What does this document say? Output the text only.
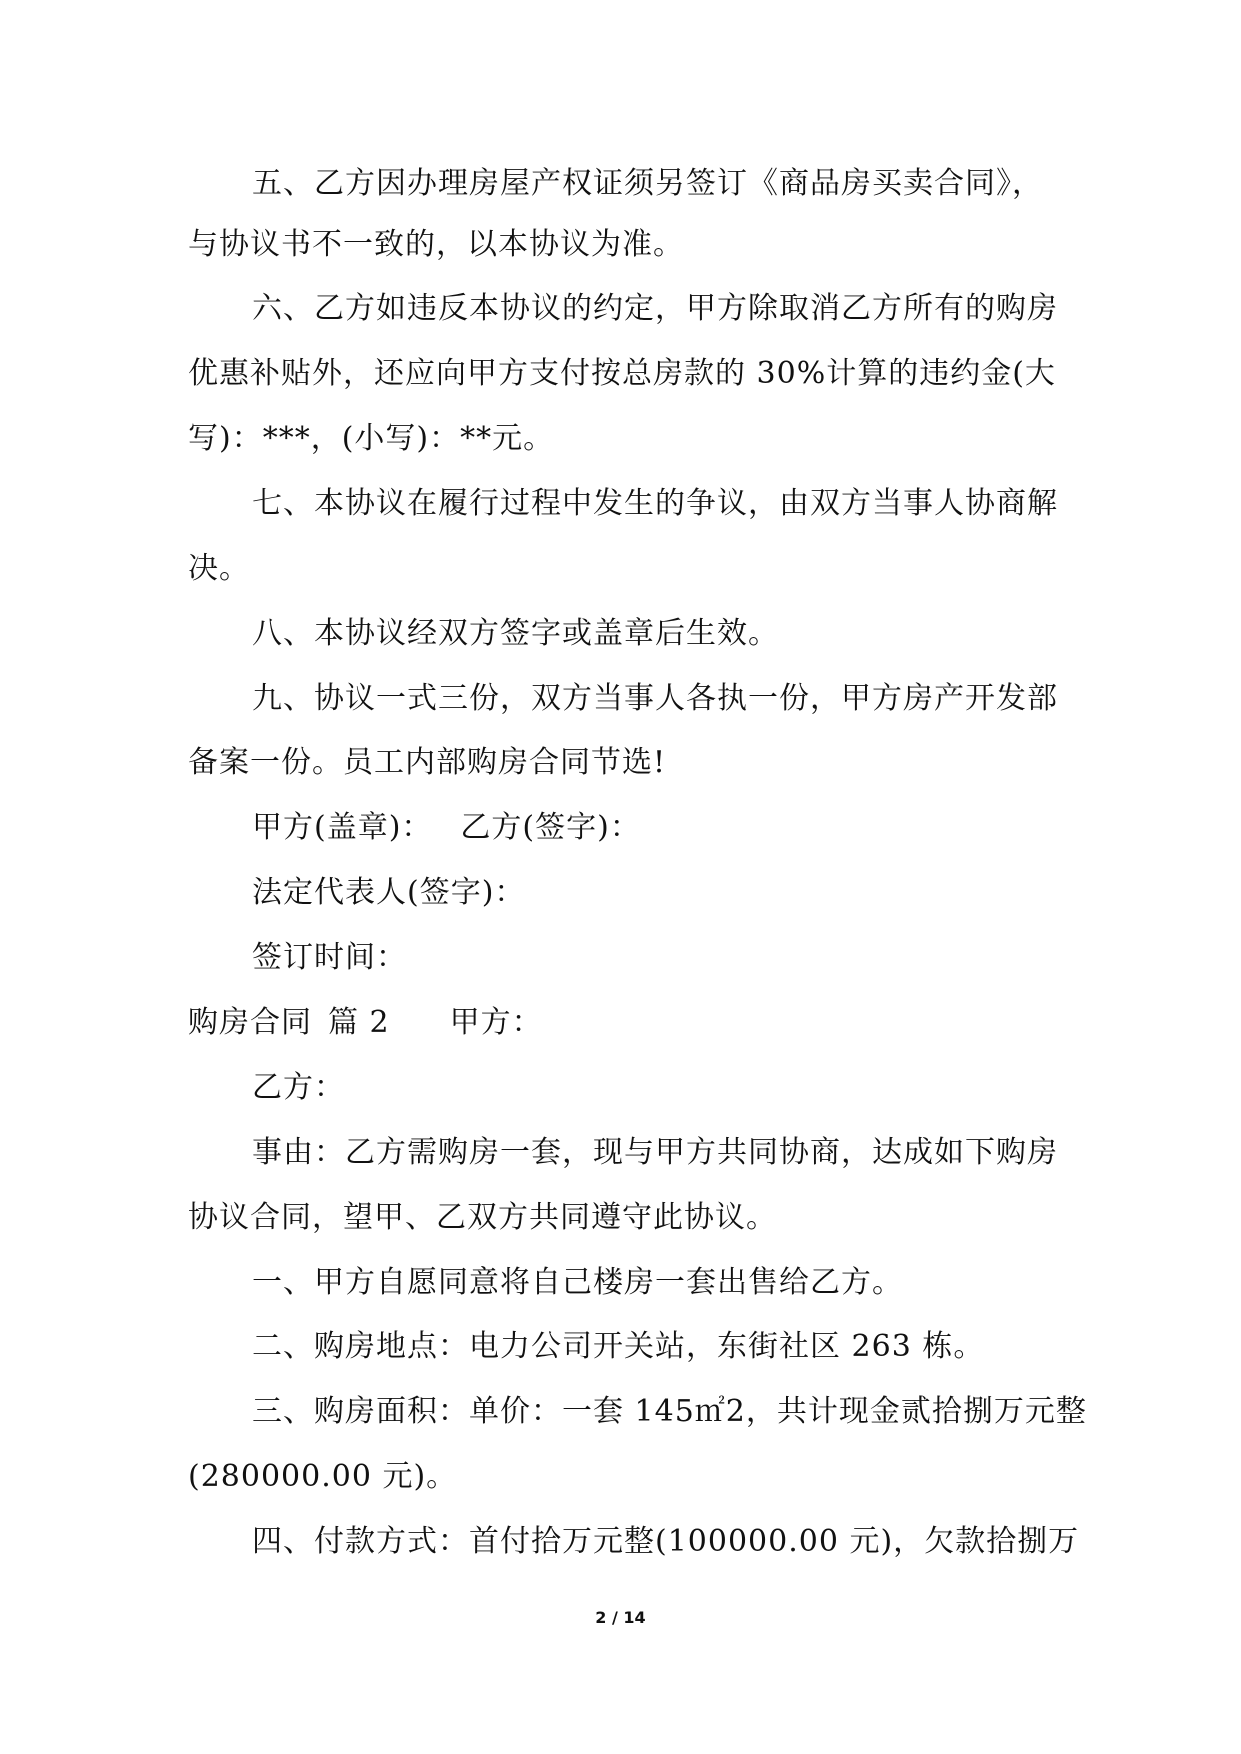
五、乙方因办理房屋产权证须另签订《商品房买卖合同》，
与协议书不一致的，以本协议为准。
六、乙方如违反本协议的约定，甲方除取消乙方所有的购房
优惠补贴外，还应向甲方支付按总房款的 30%计算的违约金(大
写)：***，(小写)：**元。
七、本协议在履行过程中发生的争议，由双方当事人协商解
决。
八、本协议经双方签字或盖章后生效。
九、协议一式三份，双方当事人各执一份，甲方房产开发部
备案一份。员工内部购房合同节选!
甲方(盖章)： 乙方(签字)：
法定代表人(签字)：
签订时间：
购房合同 篇 2 甲方：
乙方：
事由：乙方需购房一套，现与甲方共同协商，达成如下购房
协议合同，望甲、乙双方共同遵守此协议。
一、甲方自愿同意将自己楼房一套出售给乙方。
二、购房地点：电力公司开关站，东街社区 263 栋。
三、购房面积：单价：一套 145㎡2，共计现金贰拾捌万元整
(280000.00 元)。
四、付款方式：首付拾万元整(100000.00 元)，欠款拾捌万
2 / 14
